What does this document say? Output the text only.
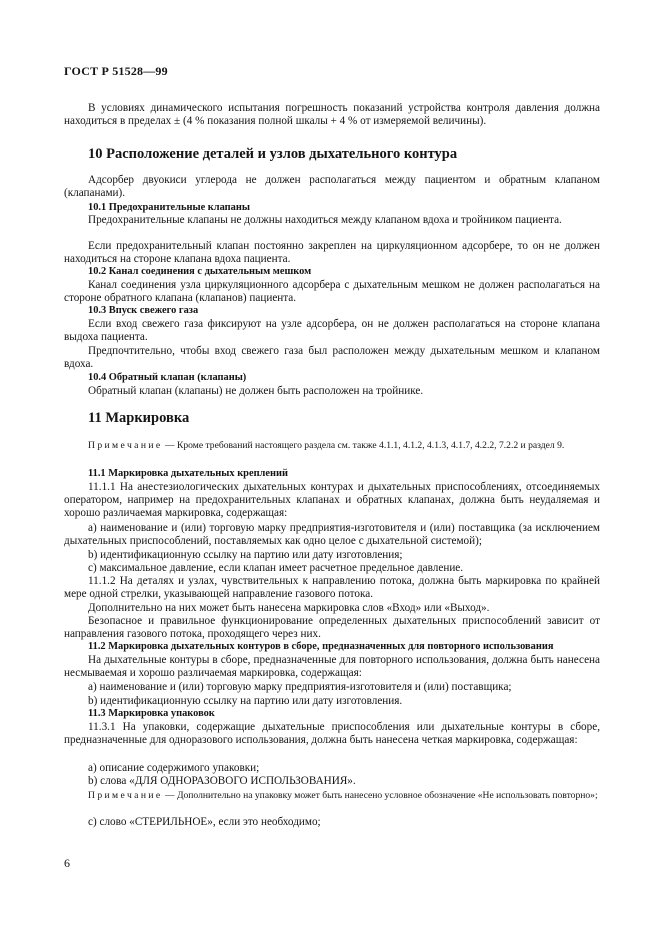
ГОСТ Р 51528—99

В условиях динамического испытания погрешность показаний устройства контроля давления должна находиться в пределах ± (4 % показания полной шкалы + 4 % от измеряемой величины).

10 Расположение деталей и узлов дыхательного контура

Адсорбер двуокиси углерода не должен располагаться между пациентом и обратным клапаном (клапанами).

10.1 Предохранительные клапаны

Предохранительные клапаны не должны находиться между клапаном вдоха и тройником пациента.

Если предохранительный клапан постоянно закреплен на циркуляционном адсорбере, то он не должен находиться на стороне клапана вдоха пациента.

10.2 Канал соединения с дыхательным мешком

Канал соединения узла циркуляционного адсорбера с дыхательным мешком не должен располагаться на стороне обратного клапана (клапанов) пациента.

10.3 Впуск свежего газа

Если вход свежего газа фиксируют на узле адсорбера, он не должен располагаться на стороне клапана выдоха пациента.

Предпочтительно, чтобы вход свежего газа был расположен между дыхательным мешком и клапаном вдоха.

10.4 Обратный клапан (клапаны)

Обратный клапан (клапаны) не должен быть расположен на тройнике.

11 Маркировка

Примечание — Кроме требований настоящего раздела см. также 4.1.1, 4.1.2, 4.1.3, 4.1.7, 4.2.2, 7.2.2 и раздел 9.

11.1 Маркировка дыхательных креплений

11.1.1 На анестезиологических дыхательных контурах и дыхательных приспособлениях, отсоединяемых оператором, например на предохранительных клапанах и обратных клапанах, должна быть неудаляемая и хорошо различаемая маркировка, содержащая:

а) наименование и (или) торговую марку предприятия-изготовителя и (или) поставщика (за исключением дыхательных приспособлений, поставляемых как одно целое с дыхательной системой);

b) идентификационную ссылку на партию или дату изготовления;

с) максимальное давление, если клапан имеет расчетное предельное давление.

11.1.2 На деталях и узлах, чувствительных к направлению потока, должна быть маркировка по крайней мере одной стрелки, указывающей направление газового потока.

Дополнительно на них может быть нанесена маркировка слов «Вход» или «Выход».

Безопасное и правильное функционирование определенных дыхательных приспособлений зависит от направления газового потока, проходящего через них.

11.2 Маркировка дыхательных контуров в сборе, предназначенных для повторного использования

На дыхательные контуры в сборе, предназначенные для повторного использования, должна быть нанесена несмываемая и хорошо различаемая маркировка, содержащая:

а) наименование и (или) торговую марку предприятия-изготовителя и (или) поставщика;

b) идентификационную ссылку на партию или дату изготовления.

11.3 Маркировка упаковок

11.3.1 На упаковки, содержащие дыхательные приспособления или дыхательные контуры в сборе, предназначенные для одноразового использования, должна быть нанесена четкая маркировка, содержащая:

а) описание содержимого упаковки;

b) слова «ДЛЯ ОДНОРАЗОВОГО ИСПОЛЬЗОВАНИЯ».

Примечание — Дополнительно на упаковку может быть нанесено условное обозначение «Не использовать повторно»;

с) слово «СТЕРИЛЬНОЕ», если это необходимо;

6
